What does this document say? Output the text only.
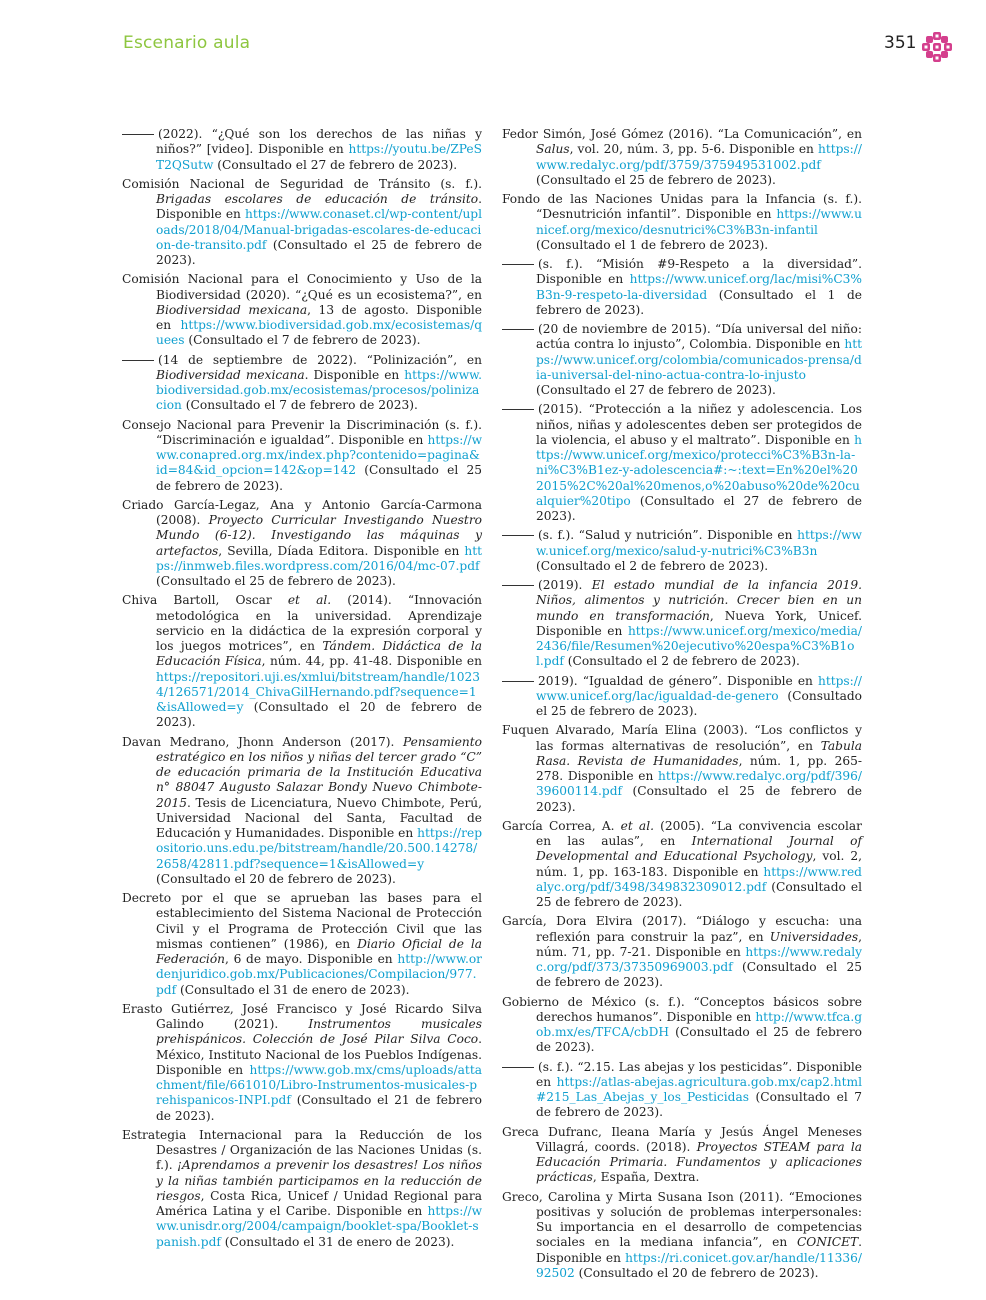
Escenario aula	351

(2022). “¿Qué son los derechos de las niñas y niños?” [video]. Disponible en https://youtu.be/ZPeST2QSutw (Consultado el 27 de febrero de 2023).

Comisión Nacional de Seguridad de Tránsito (s. f.). Brigadas escolares de educación de tránsito. Disponible en https://www.conaset.cl/wp-content/uploads/2018/04/Manual-brigadas-escolares-de-educacion-de-transito.pdf (Consultado el 25 de febrero de 2023).

Comisión Nacional para el Conocimiento y Uso de la Biodiversidad (2020). “¿Qué es un ecosistema?”, en Biodiversidad mexicana, 13 de agosto. Disponible en https://www.biodiversidad.gob.mx/ecosistemas/quees (Consultado el 7 de febrero de 2023).

(14 de septiembre de 2022). “Polinización”, en Biodiversidad mexicana. Disponible en https://www.biodiversidad.gob.mx/ecosistemas/procesos/polinizacion (Consultado el 7 de febrero de 2023).

Consejo Nacional para Prevenir la Discriminación (s. f.). “Discriminación e igualdad”. Disponible en https://www.conapred.org.mx/index.php?contenido=pagina&id=84&id_opcion=142&op=142 (Consultado el 25 de febrero de 2023).

Criado García-Legaz, Ana y Antonio García-Carmona (2008). Proyecto Curricular Investigando Nuestro Mundo (6-12). Investigando las máquinas y artefactos, Sevilla, Díada Editora. Disponible en https://inmweb.files.wordpress.com/2016/04/mc-07.pdf (Consultado el 25 de febrero de 2023).

Chiva Bartoll, Oscar et al. (2014). “Innovación metodológica en la universidad. Aprendizaje servicio en la didáctica de la expresión corporal y los juegos motrices”, en Tándem. Didáctica de la Educación Física, núm. 44, pp. 41-48. Disponible en https://repositori.uji.es/xmlui/bitstream/handle/10234/126571/2014_ChivaGilHernando.pdf?sequence=1&isAllowed=y (Consultado el 20 de febrero de 2023).

Davan Medrano, Jhonn Anderson (2017). Pensamiento estratégico en los niños y niñas del tercer grado “C” de educación primaria de la Institución Educativa n° 88047 Augusto Salazar Bondy Nuevo Chimbote-2015. Tesis de Licenciatura, Nuevo Chimbote, Perú, Universidad Nacional del Santa, Facultad de Educación y Humanidades. Disponible en https://repositorio.uns.edu.pe/bitstream/handle/20.500.14278/2658/42811.pdf?sequence=1&isAllowed=y (Consultado el 20 de febrero de 2023).

Decreto por el que se aprueban las bases para el establecimiento del Sistema Nacional de Protección Civil y el Programa de Protección Civil que las mismas contienen” (1986), en Diario Oficial de la Federación, 6 de mayo. Disponible en http://www.ordenjuridico.gob.mx/Publicaciones/Compilacion/977.pdf (Consultado el 31 de enero de 2023).

Erasto Gutiérrez, José Francisco y José Ricardo Silva Galindo (2021). Instrumentos musicales prehispánicos. Colección de José Pilar Silva Coco. México, Instituto Nacional de los Pueblos Indígenas. Disponible en https://www.gob.mx/cms/uploads/attachment/file/661010/Libro-Instrumentos-musicales-prehispanicos-INPI.pdf (Consultado el 21 de febrero de 2023).

Estrategia Internacional para la Reducción de los Desastres / Organización de las Naciones Unidas (s. f.). ¡Aprendamos a prevenir los desastres! Los niños y la niñas también participamos en la reducción de riesgos, Costa Rica, Unicef / Unidad Regional para América Latina y el Caribe. Disponible en https://www.unisdr.org/2004/campaign/booklet-spa/Booklet-spanish.pdf (Consultado el 31 de enero de 2023).

Fedor Simón, José Gómez (2016). “La Comunicación”, en Salus, vol. 20, núm. 3, pp. 5-6. Disponible en https://www.redalyc.org/pdf/3759/375949531002.pdf (Consultado el 25 de febrero de 2023).

Fondo de las Naciones Unidas para la Infancia (s. f.). “Desnutrición infantil”. Disponible en https://www.unicef.org/mexico/desnutrici%C3%B3n-infantil (Consultado el 1 de febrero de 2023).

(s. f.). “Misión #9-Respeto a la diversidad”. Disponible en https://www.unicef.org/lac/misi%C3%B3n-9-respeto-la-diversidad (Consultado el 1 de febrero de 2023).

(20 de noviembre de 2015). “Día universal del niño: actúa contra lo injusto”, Colombia. Disponible en https://www.unicef.org/colombia/comunicados-prensa/dia-universal-del-nino-actua-contra-lo-injusto (Consultado el 27 de febrero de 2023).

(2015). “Protección a la niñez y adolescencia. Los niños, niñas y adolescentes deben ser protegidos de la violencia, el abuso y el maltrato”. Disponible en https://www.unicef.org/mexico/protecci%C3%B3n-la-ni%C3%B1ez-y-adolescencia#:~:text=En%20el%202015%2C%20al%20menos,o%20abuso%20de%20cualquier%20tipo (Consultado el 27 de febrero de 2023).

(s. f.). “Salud y nutrición”. Disponible en https://www.unicef.org/mexico/salud-y-nutrici%C3%B3n (Consultado el 2 de febrero de 2023).

(2019). El estado mundial de la infancia 2019. Niños, alimentos y nutrición. Crecer bien en un mundo en transformación, Nueva York, Unicef. Disponible en https://www.unicef.org/mexico/media/2436/file/Resumen%20ejecutivo%20espa%C3%B1ol.pdf (Consultado el 2 de febrero de 2023).

2019). “Igualdad de género”. Disponible en https://www.unicef.org/lac/igualdad-de-genero (Consultado el 25 de febrero de 2023).

Fuquen Alvarado, María Elina (2003). “Los conflictos y las formas alternativas de resolución”, en Tabula Rasa. Revista de Humanidades, núm. 1, pp. 265-278. Disponible en https://www.redalyc.org/pdf/396/39600114.pdf (Consultado el 25 de febrero de 2023).

García Correa, A. et al. (2005). “La convivencia escolar en las aulas”, en International Journal of Developmental and Educational Psychology, vol. 2, núm. 1, pp. 163-183. Disponible en https://www.redalyc.org/pdf/3498/349832309012.pdf (Consultado el 25 de febrero de 2023).

García, Dora Elvira (2017). “Diálogo y escucha: una reflexión para construir la paz”, en Universidades, núm. 71, pp. 7-21. Disponible en https://www.redalyc.org/pdf/373/37350969003.pdf (Consultado el 25 de febrero de 2023).

Gobierno de México (s. f.). “Conceptos básicos sobre derechos humanos”. Disponible en http://www.tfca.gob.mx/es/TFCA/cbDH (Consultado el 25 de febrero de 2023).

(s. f.). “2.15. Las abejas y los pesticidas”. Disponible en https://atlas-abejas.agricultura.gob.mx/cap2.html#215_Las_Abejas_y_los_Pesticidas (Consultado el 7 de febrero de 2023).

Greca Dufranc, Ileana María y Jesús Ángel Meneses Villagrá, coords. (2018). Proyectos STEAM para la Educación Primaria. Fundamentos y aplicaciones prácticas, España, Dextra.

Greco, Carolina y Mirta Susana Ison (2011). “Emociones positivas y solución de problemas interpersonales: Su importancia en el desarrollo de competencias sociales en la mediana infancia”, en CONICET. Disponible en https://ri.conicet.gov.ar/handle/11336/92502 (Consultado el 20 de febrero de 2023).
